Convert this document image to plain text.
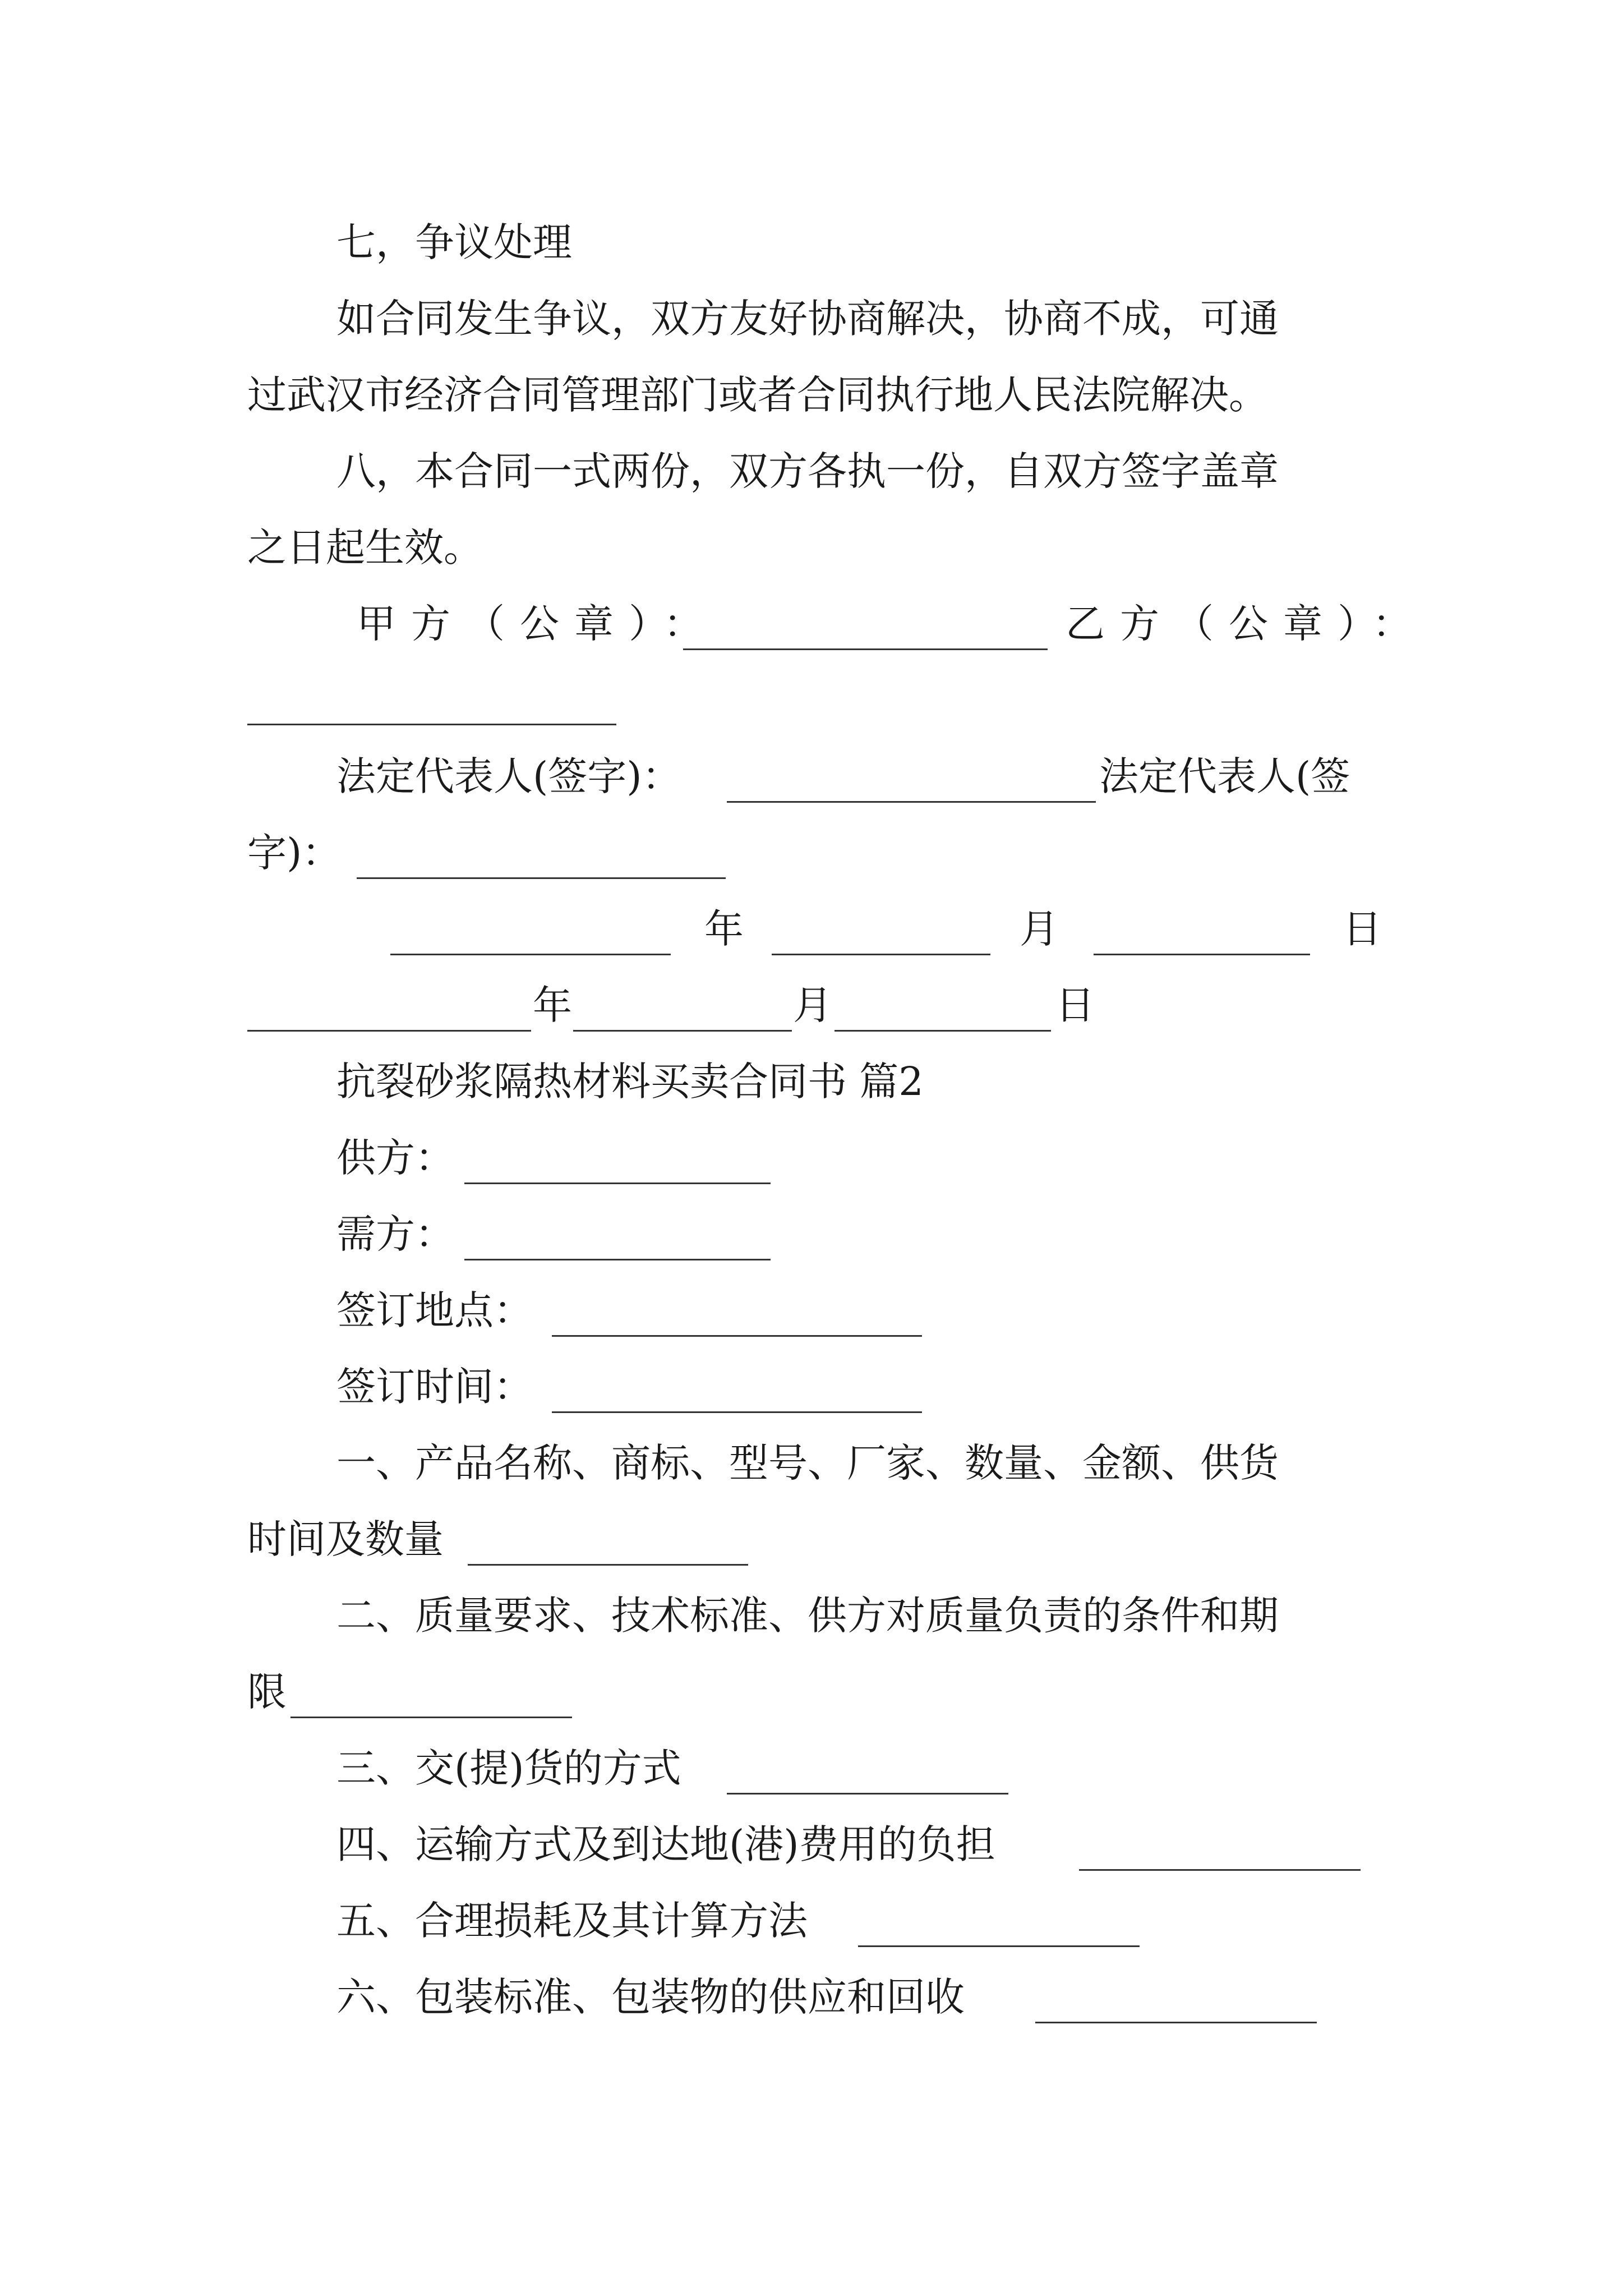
七，争议处理
如合同发生争议，双方友好协商解决，协商不成，可通
过武汉市经济合同管理部门或者合同执行地人民法院解决。
八，本合同一式两份，双方各执一份，自双方签字盖章
之日起生效。
甲方（公章）：	乙方（公章）：
法定代表人(签字)：	法定代表人(签
字)：
年	月	日
年	月	日
抗裂砂浆隔热材料买卖合同书 篇2
供方：
需方：
签订地点：
签订时间：
一、产品名称、商标、型号、厂家、数量、金额、供货
时间及数量
二、质量要求、技术标准、供方对质量负责的条件和期
限
三、交(提)货的方式
四、运输方式及到达地(港)费用的负担
五、合理损耗及其计算方法
六、包装标准、包装物的供应和回收
